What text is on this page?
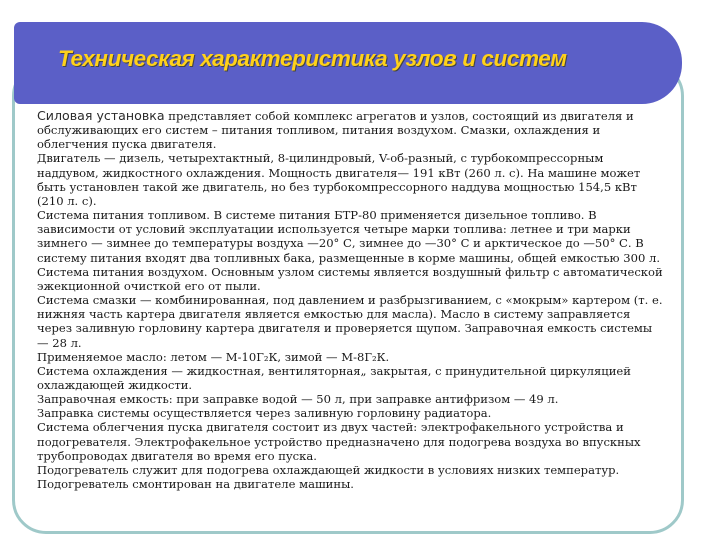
Техническая характеристика узлов и систем

Силовая установка представляет собой комплекс агрегатов и узлов, состоящий из двигателя и обслуживающих его систем – питания топливом, питания воздухом. Смазки, охлаждения и облегчения пуска двигателя.

Двигатель — дизель, четырехтактный, 8-цилиндровый, V-об-разный, с турбокомпрессорным наддувом, жидкостного охлаждения. Мощность двигателя— 191 кВт (260 л. с). На машине может быть установлен такой же двигатель, но без турбокомпрессорного наддува мощностью 154,5 кВт (210 л. с).

Система питания топливом. В системе питания БТР-80 применяется дизельное топливо. В зависимости от условий эксплуатации используется четыре марки топлива: летнее и три марки зимнего — зимнее до температуры воздуха —20° С, зимнее до —30° С и арктическое до —50° С. В систему питания входят два топливных бака, размещенные в корме машины, общей емкостью 300 л.

Система питания воздухом. Основным узлом системы является воздушный фильтр с автоматической эжекционной очисткой его от пыли.

Система смазки — комбинированная, под давлением и разбрызгиванием, с «мокрым» картером (т. е. нижняя часть картера двигателя является емкостью для масла). Масло в систему заправляется через заливную горловину картера двигателя и проверяется щупом. Заправочная емкость системы — 28 л.

Применяемое масло: летом — М-10Г₂К, зимой — М-8Г₂К.

Система охлаждения — жидкостная, вентиляторная„ закрытая, с принудительной циркуляцией охлаждающей жидкости.

Заправочная емкость: при заправке водой — 50 л, при заправке антифризом — 49 л.

Заправка системы осуществляется через заливную горловину радиатора.

Система облегчения пуска двигателя состоит из двух частей: электрофакельного устройства и подогревателя. Электрофакельное устройство предназначено для подогрева воздуха во впускных трубопроводах двигателя во время его пуска.

Подогреватель служит для подогрева охлаждающей жидкости в условиях низких температур.

Подогреватель смонтирован на двигателе машины.
